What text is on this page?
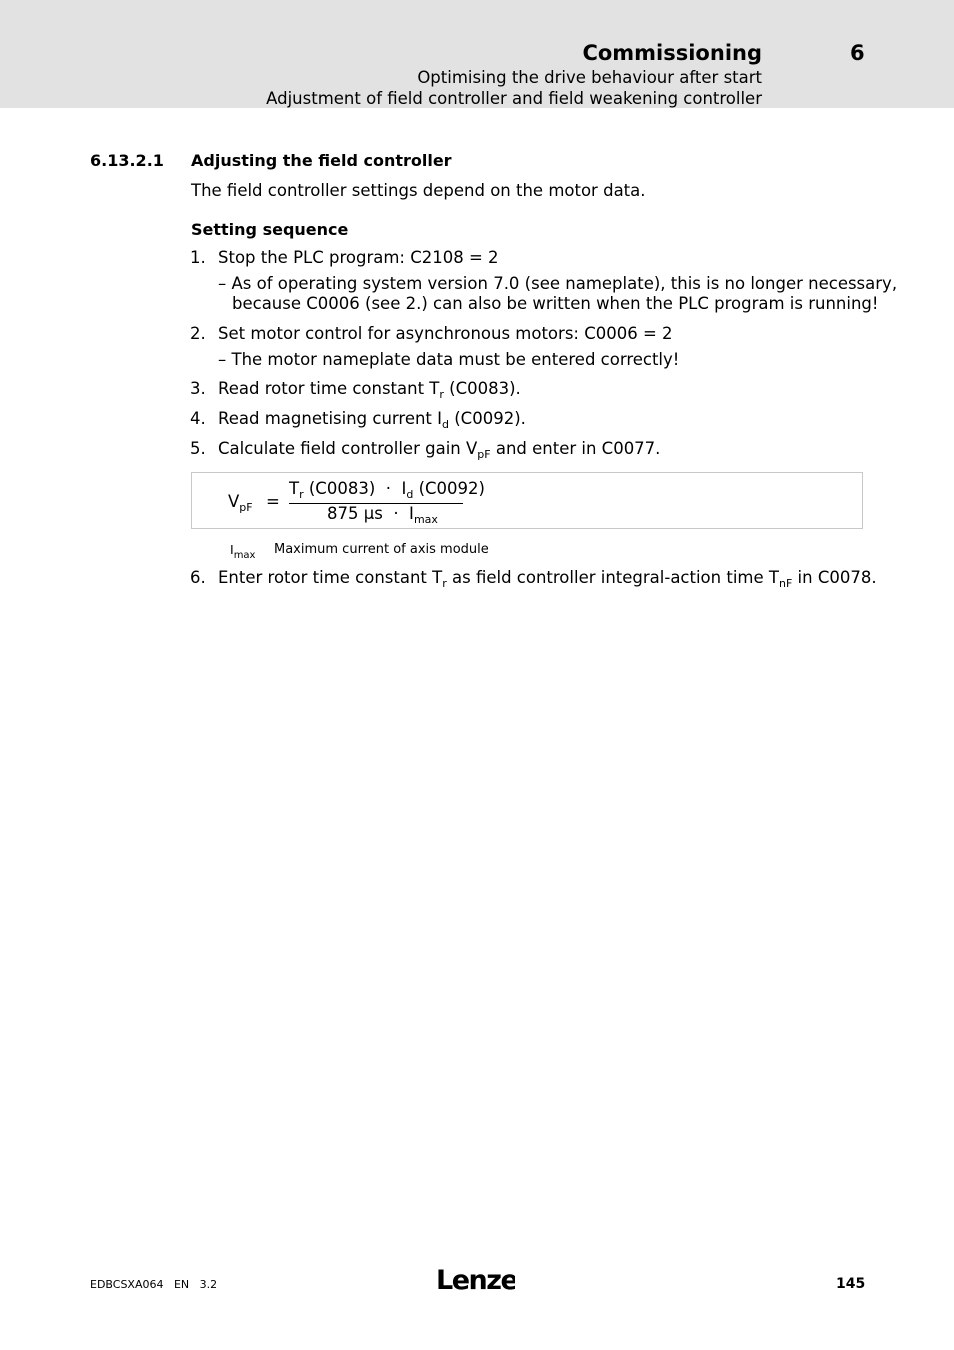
Commissioning	6
Optimising the drive behaviour after start
Adjustment of field controller and field weakening controller
6.13.2.1 Adjusting the field controller
The field controller settings depend on the motor data.
Setting sequence
1. Stop the PLC program: C2108 = 2
– As of operating system version 7.0 (see nameplate), this is no longer necessary,
because C0006 (see 2.) can also be written when the PLC program is running!
2. Set motor control for asynchronous motors: C0006 = 2
– The motor nameplate data must be entered correctly!
3. Read rotor time constant $T_r$ (C0083).
4. Read magnetising current $I_d$ (C0092).
5. Calculate field controller gain $V_{pF}$ and enter in C0077.
$V_{pF}$ =
$T_r$ $(C0083) \cdot I_d$ (C0092)
875 $\mu s \cdot I_{max}$
$I_{max}$ Maximum current of axis module
6. Enter rotor time constant $T_r$ as field controller integral-action time $T_{nF}$ in C0078.
EDBCSXA064   EN   3.2	Lenze	145
